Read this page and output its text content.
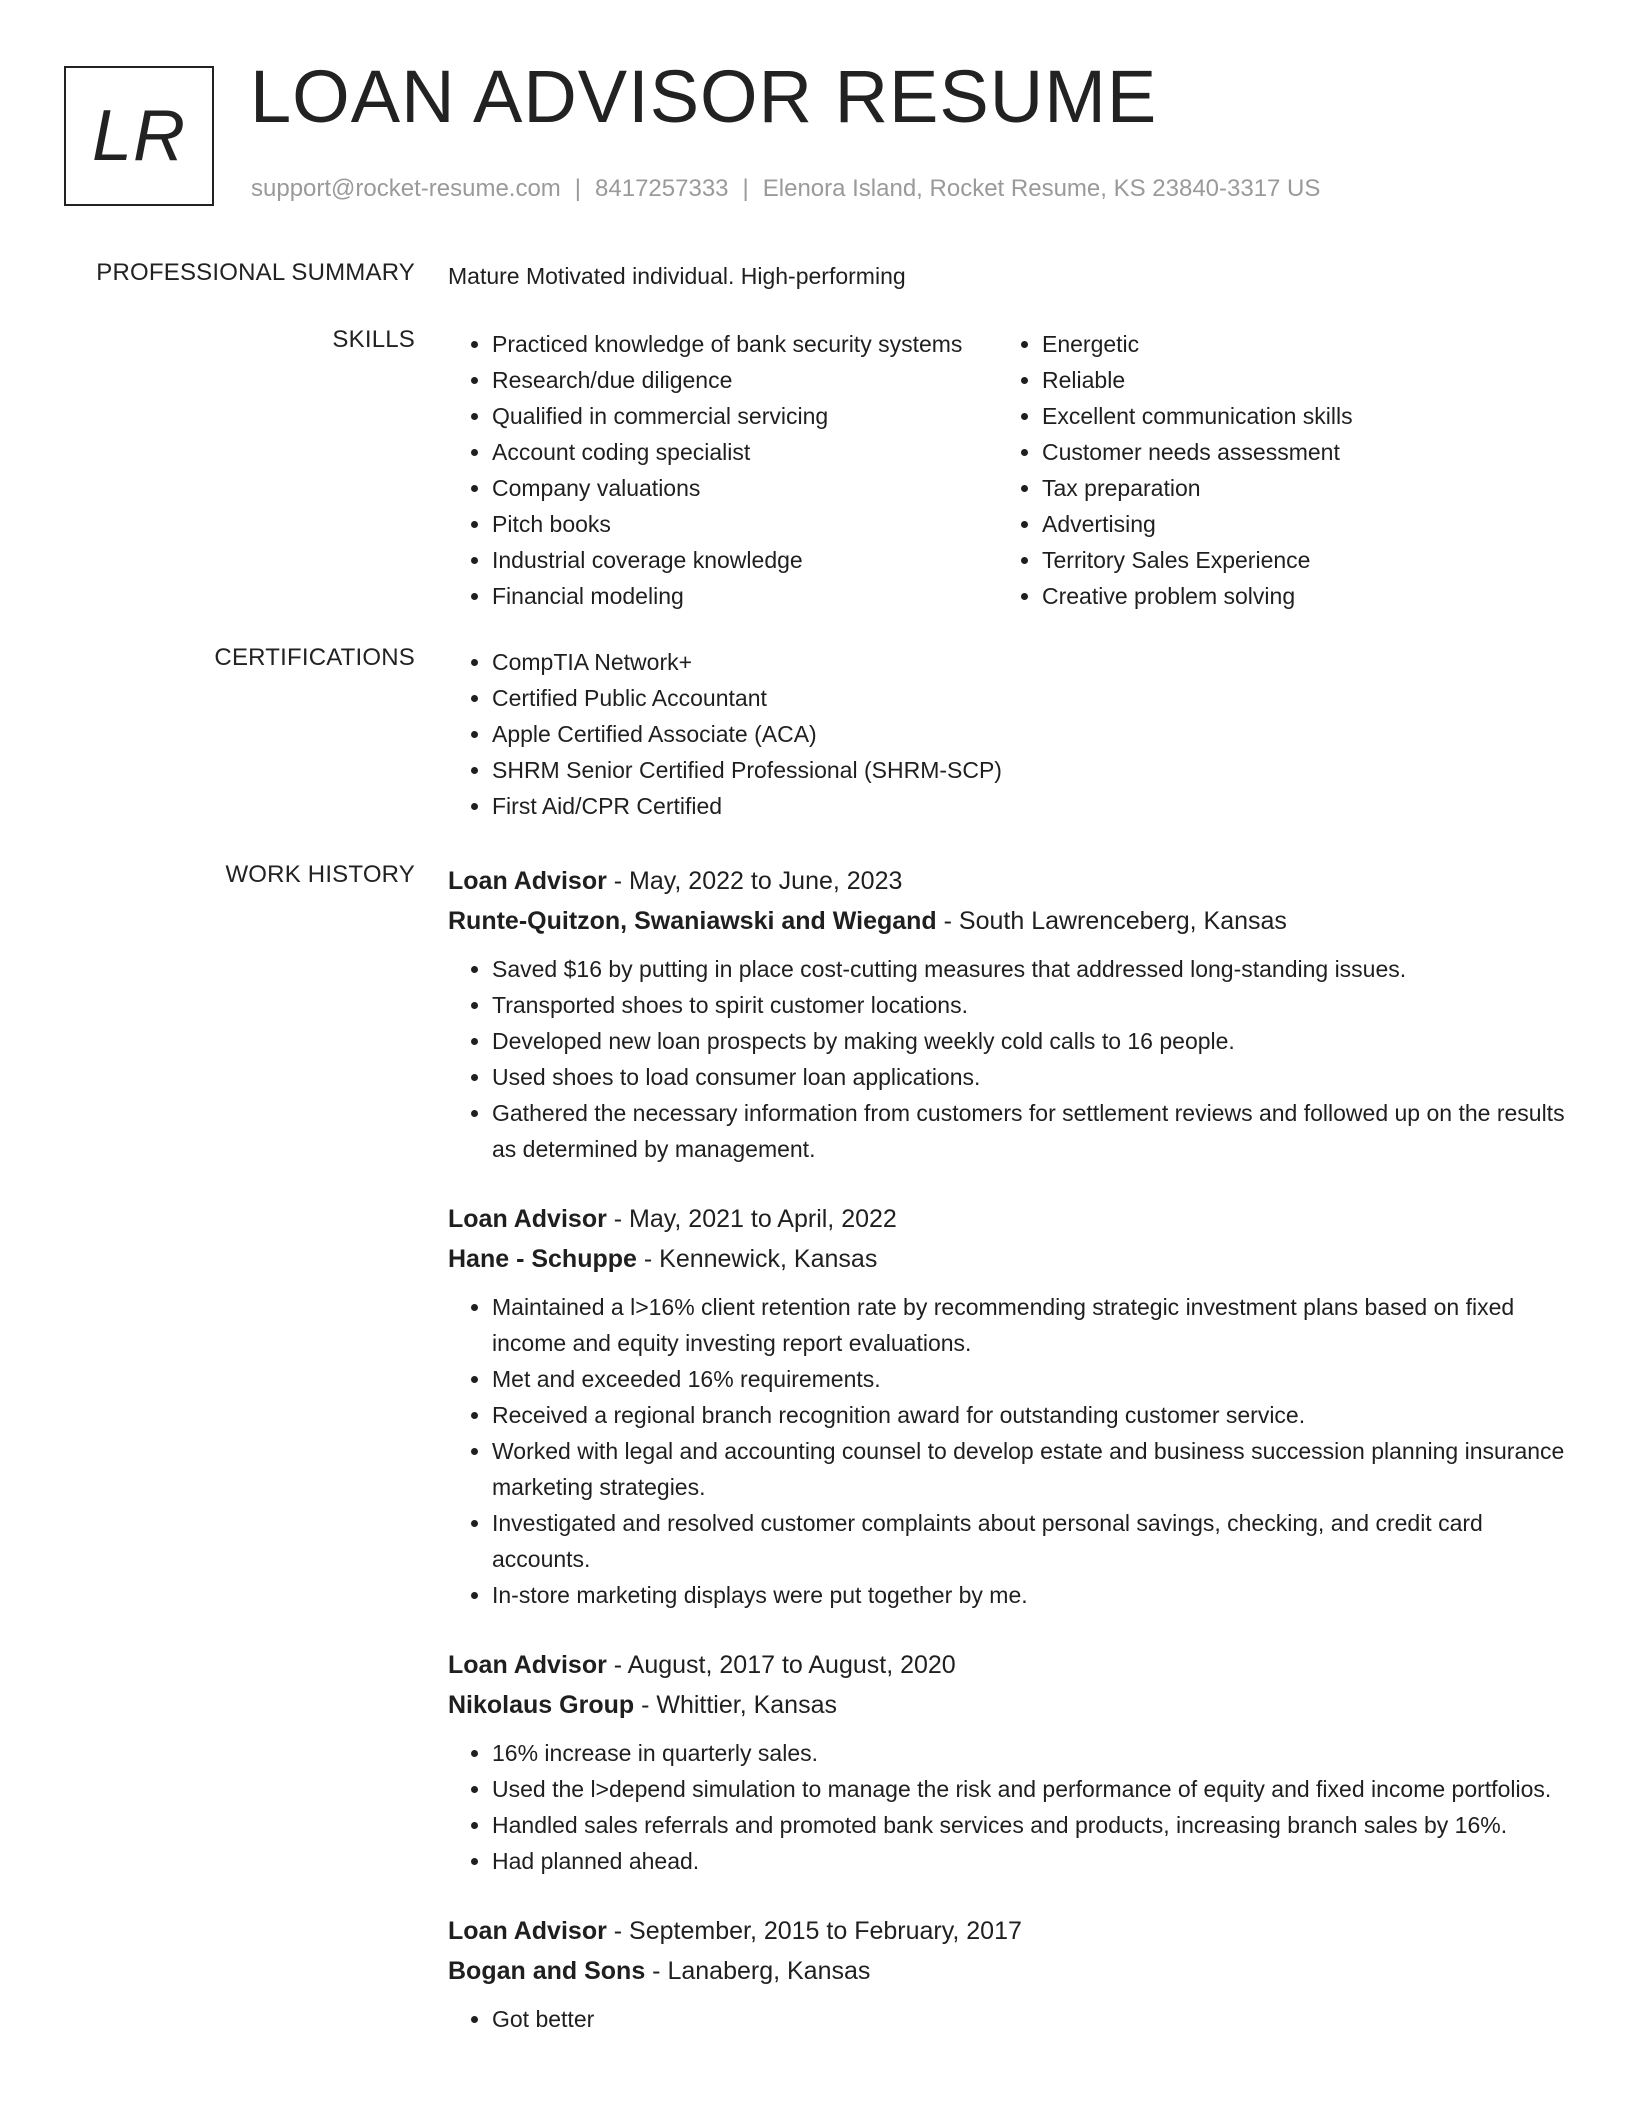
LR LOAN ADVISOR RESUME
support@rocket-resume.com | 8417257333 | Elenora Island, Rocket Resume, KS 23840-3317 US
PROFESSIONAL SUMMARY Mature Motivated individual. High-performing
SKILLS	• Practiced knowledge of bank security systems
• Research/due diligence
• Qualified in commercial servicing
• Account coding specialist
• Company valuations
• Pitch books
• Industrial coverage knowledge
• Financial modeling
• Energetic
• Reliable
• Excellent communication skills
• Customer needs assessment
• Tax preparation
• Advertising
• Territory Sales Experience
• Creative problem solving
CERTIFICATIONS	• CompTIA Network+
• Certified Public Accountant
• Apple Certified Associate (ACA)
• SHRM Senior Certified Professional (SHRM-SCP)
• First Aid/CPR Certified
WORK HISTORY Loan Advisor - May, 2022 to June, 2023
Runte-Quitzon, Swaniawski and Wiegand - South Lawrenceberg, Kansas
• Saved $16 by putting in place cost-cutting measures that addressed long-standing issues.
• Transported shoes to spirit customer locations.
• Developed new loan prospects by making weekly cold calls to 16 people.
• Used shoes to load consumer loan applications.
• Gathered the necessary information from customers for settlement reviews and followed up on the results as determined by management.
Loan Advisor - May, 2021 to April, 2022
Hane - Schuppe - Kennewick, Kansas
• Maintained a l>16% client retention rate by recommending strategic investment plans based on fixed income and equity investing report evaluations.
• Met and exceeded 16% requirements.
• Received a regional branch recognition award for outstanding customer service.
• Worked with legal and accounting counsel to develop estate and business succession planning insurance marketing strategies.
• Investigated and resolved customer complaints about personal savings, checking, and credit card accounts.
• In-store marketing displays were put together by me.
Loan Advisor - August, 2017 to August, 2020
Nikolaus Group - Whittier, Kansas
• 16% increase in quarterly sales.
• Used the l>depend simulation to manage the risk and performance of equity and fixed income portfolios.
• Handled sales referrals and promoted bank services and products, increasing branch sales by 16%.
• Had planned ahead.
Loan Advisor - September, 2015 to February, 2017
Bogan and Sons - Lanaberg, Kansas
• Got better
